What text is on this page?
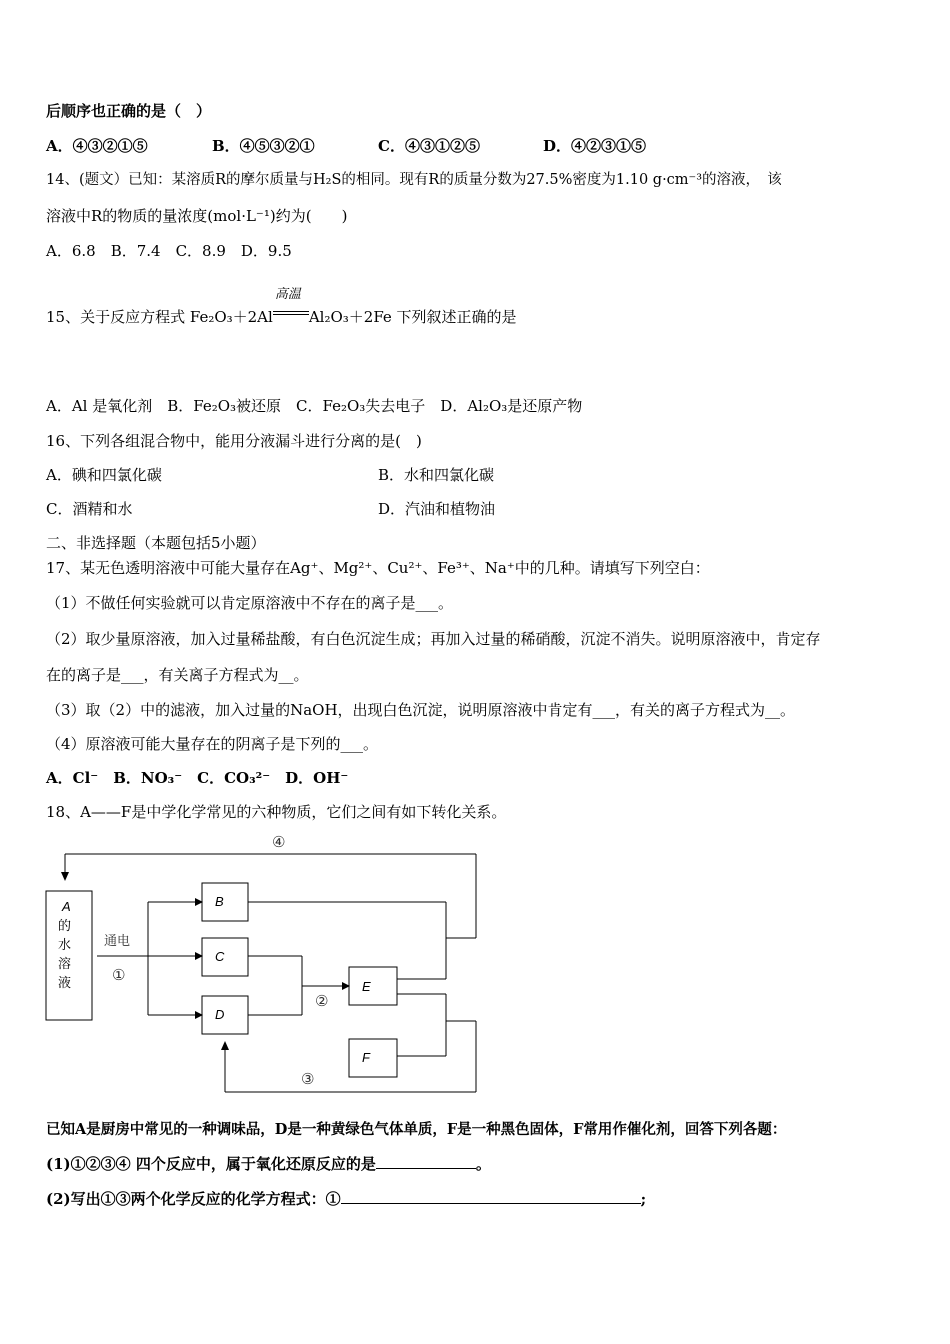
后顺序也正确的是（　）
A．④③②①⑤	B．④⑤③②①	C．④③①②⑤	D．④②③①⑤
14、(题文）已知：某溶质R的摩尔质量与H₂S的相同。现有R的质量分数为27.5%密度为1.10 g·cm⁻³的溶液，　该
溶液中R的物质的量浓度(mol·L⁻¹)约为(　　)
A．6.8　B．7.4　C．8.9　D．9.5
15、关于反应方程式 Fe₂O₃＋2Al
高温
Al₂O₃＋2Fe 下列叙述正确的是
A．Al 是氧化剂　B．Fe₂O₃被还原　C．Fe₂O₃失去电子　D．Al₂O₃是还原产物
16、下列各组混合物中，能用分液漏斗进行分离的是(　)
A．碘和四氯化碳	B．水和四氯化碳
C．酒精和水	D．汽油和植物油
二、非选择题（本题包括5小题）
17、某无色透明溶液中可能大量存在Ag⁺、Mg²⁺、Cu²⁺、Fe³⁺、Na⁺中的几种。请填写下列空白：
（1）不做任何实验就可以肯定原溶液中不存在的离子是___。
（2）取少量原溶液，加入过量稀盐酸，有白色沉淀生成；再加入过量的稀硝酸，沉淀不消失。说明原溶液中，肯定存
在的离子是___，有关离子方程式为__。
（3）取（2）中的滤液，加入过量的NaOH，出现白色沉淀，说明原溶液中肯定有___，有关的离子方程式为__。
（4）原溶液可能大量存在的阴离子是下列的___。
A．Cl⁻　B．NO₃⁻　C．CO₃²⁻　D．OH⁻
18、A——F是中学化学常见的六种物质，它们之间有如下转化关系。
A
的
水
溶
液
B
C
D
E
F
通电
①
②
③
④
已知A是厨房中常见的一种调味品，D是一种黄绿色气体单质，F是一种黑色固体，F常用作催化剂，回答下列各题：
(1)①②③④ 四个反应中，属于氧化还原反应的是	。
(2)写出①③两个化学反应的化学方程式：①	;
